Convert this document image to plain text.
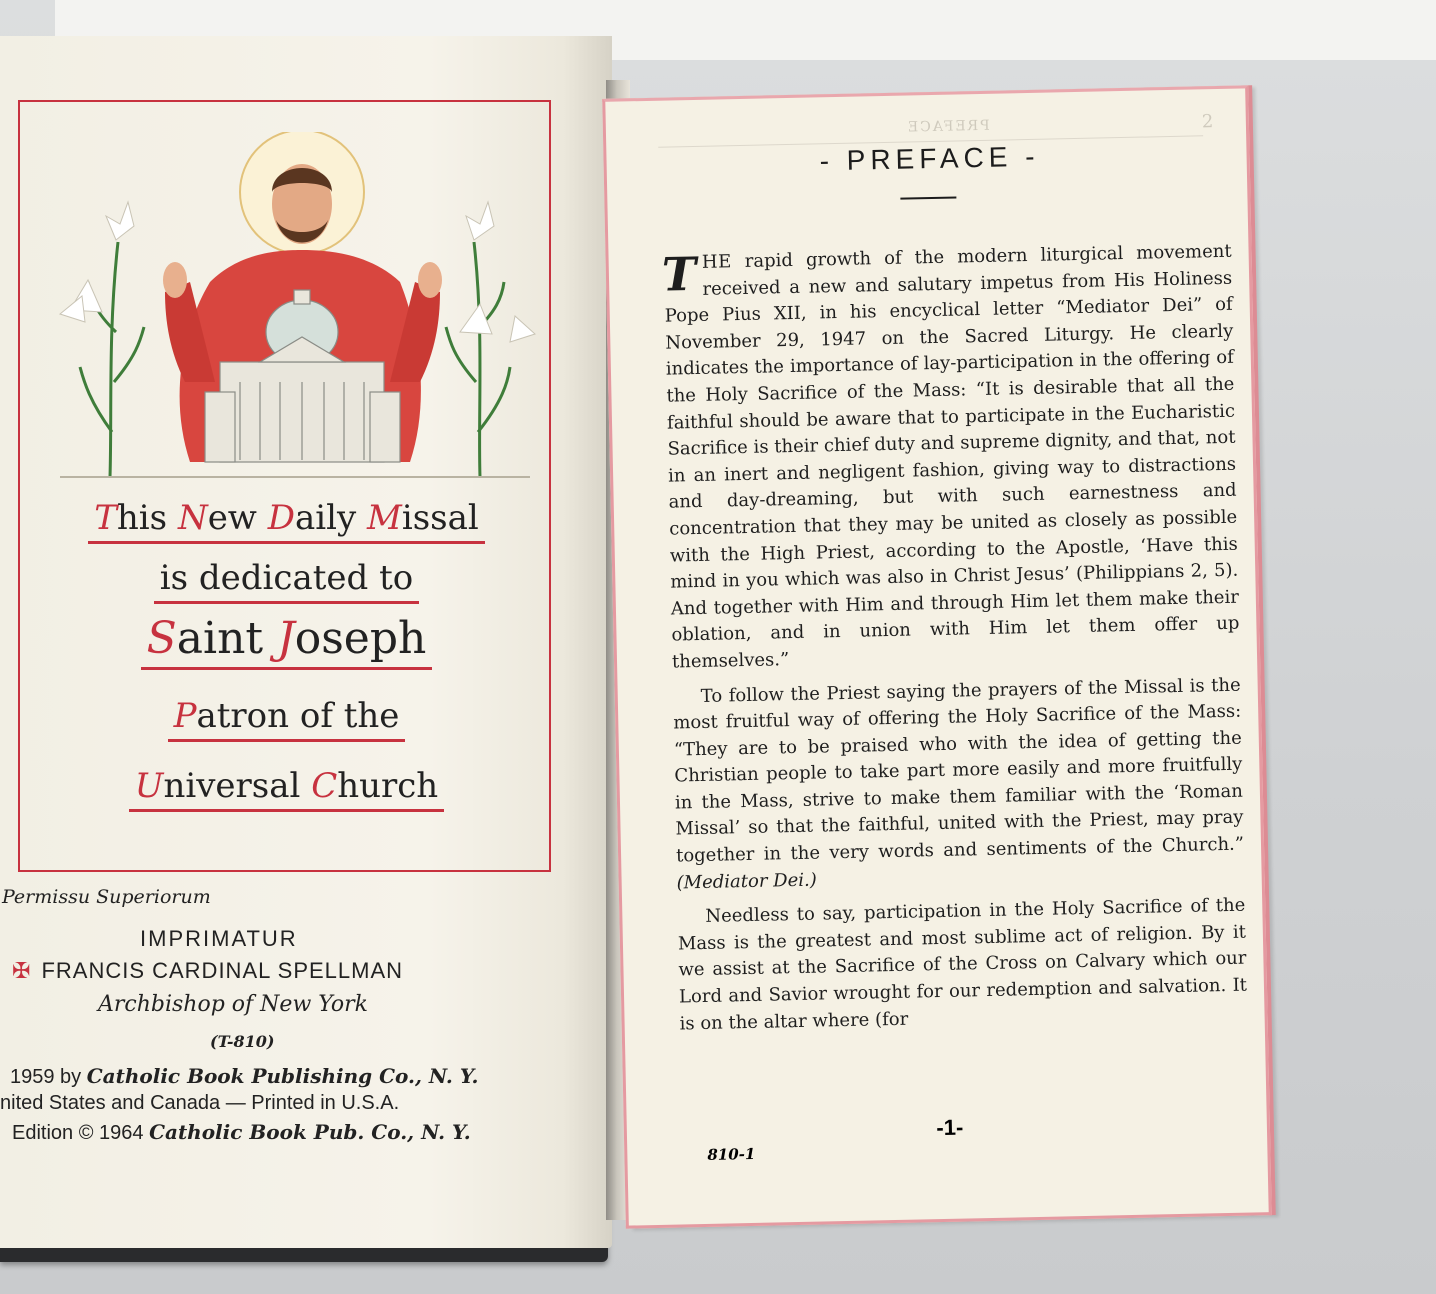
This New Daily Missal
is dedicated to
Saint Joseph
Patron of the
Universal Church
Permissu Superiorum
IMPRIMATUR
✠ FRANCIS CARDINAL SPELLMAN
Archbishop of New York
(T-810)
1959 by Catholic Book Publishing Co., N. Y.
nited States and Canada — Printed in U.S.A.
Edition © 1964 Catholic Book Pub. Co., N. Y.
PREFACE	2
- PREFACE -

THE rapid growth of the modern liturgical movement received a new and salutary impetus from His Holiness Pope Pius XII, in his encyclical letter “Mediator Dei” of November 29, 1947 on the Sacred Liturgy. He clearly indicates the importance of lay-participation in the offering of the Holy Sacrifice of the Mass: “It is desirable that all the faithful should be aware that to participate in the Eucharistic Sacrifice is their chief duty and supreme dignity, and that, not in an inert and negligent fashion, giving way to distractions and day-dreaming, but with such earnestness and concentration that they may be united as closely as possible with the High Priest, according to the Apostle, ‘Have this mind in you which was also in Christ Jesus’ (Philippians 2, 5). And together with Him and through Him let them make their oblation, and in union with Him let them offer up themselves.”

To follow the Priest saying the prayers of the Missal is the most fruitful way of offering the Holy Sacrifice of the Mass: “They are to be praised who with the idea of getting the Christian people to take part more easily and more fruitfully in the Mass, strive to make them familiar with the ‘Roman Missal’ so that the faithful, united with the Priest, may pray together in the very words and sentiments of the Church.” (Mediator Dei.)

Needless to say, participation in the Holy Sacrifice of the Mass is the greatest and most sublime act of religion. By it we assist at the Sacrifice of the Cross on Calvary which our Lord and Savior wrought for our redemption and salvation. It is on the altar where (for

-1-
810-1
